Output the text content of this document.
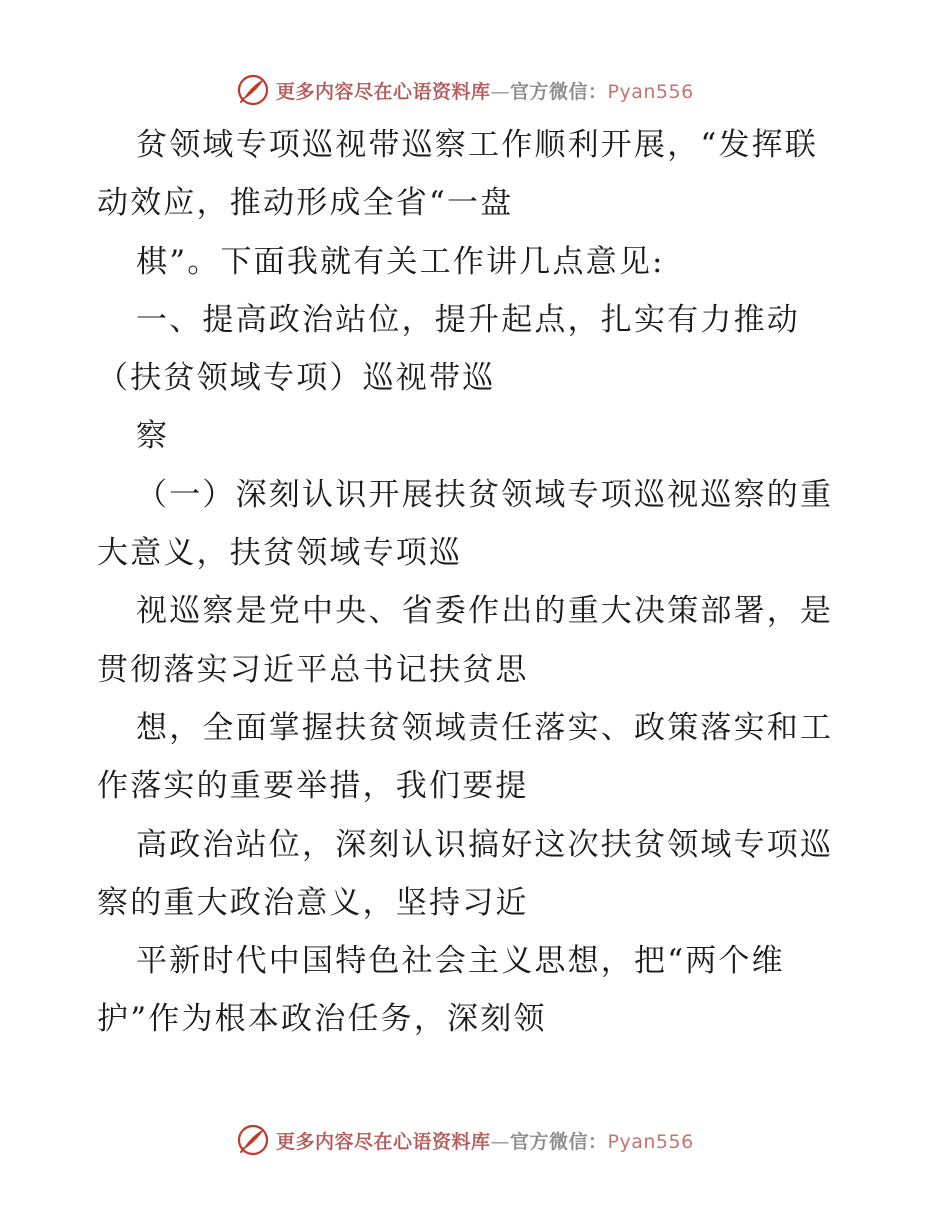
更多内容尽在心语资料库—官方微信：Pyan556
贫领域专项巡视带巡察工作顺利开展，“发挥联
动效应，推动形成全省“一盘
棋”。下面我就有关工作讲几点意见:
一、提高政治站位，提升起点，扎实有力推动
（扶贫领域专项）巡视带巡
察
（一）深刻认识开展扶贫领域专项巡视巡察的重
大意义，扶贫领域专项巡
视巡察是党中央、省委作出的重大决策部署，是
贯彻落实习近平总书记扶贫思
想，全面掌握扶贫领域责任落实、政策落实和工
作落实的重要举措，我们要提
高政治站位，深刻认识搞好这次扶贫领域专项巡
察的重大政治意义，坚持习近
平新时代中国特色社会主义思想，把“两个维
护”作为根本政治任务，深刻领
更多内容尽在心语资料库—官方微信：Pyan556
